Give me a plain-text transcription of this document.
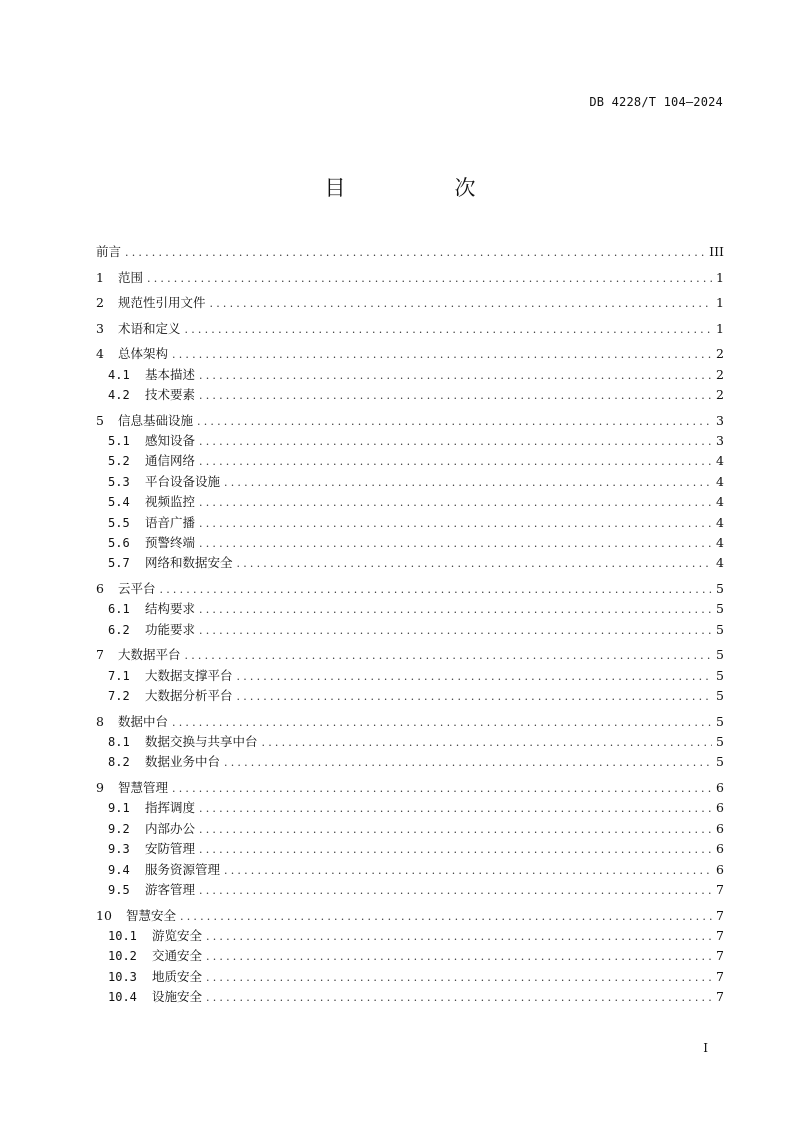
DB 4228/T 104—2024
目　次
前言 .....	III
1	范围 .....	1
2	规范性引用文件 .....	1
3	术语和定义 .....	1
4	总体架构 .....	2
4.1	基本描述 .....	2
4.2	技术要素 .....	2
5	信息基础设施 .....	3
5.1	感知设备 .....	3
5.2	通信网络 .....	4
5.3	平台设备设施 .....	4
5.4	视频监控 .....	4
5.5	语音广播 .....	4
5.6	预警终端 .....	4
5.7	网络和数据安全 .....	4
6	云平台 .....	5
6.1	结构要求 .....	5
6.2	功能要求 .....	5
7	大数据平台 .....	5
7.1	大数据支撑平台 .....	5
7.2	大数据分析平台 .....	5
8	数据中台 .....	5
8.1	数据交换与共享中台 .....	5
8.2	数据业务中台 .....	5
9	智慧管理 .....	6
9.1	指挥调度 .....	6
9.2	内部办公 .....	6
9.3	安防管理 .....	6
9.4	服务资源管理 .....	6
9.5	游客管理 .....	7
10	智慧安全 .....	7
10.1	游览安全 .....	7
10.2	交通安全 .....	7
10.3	地质安全 .....	7
10.4	设施安全 .....	7
I
